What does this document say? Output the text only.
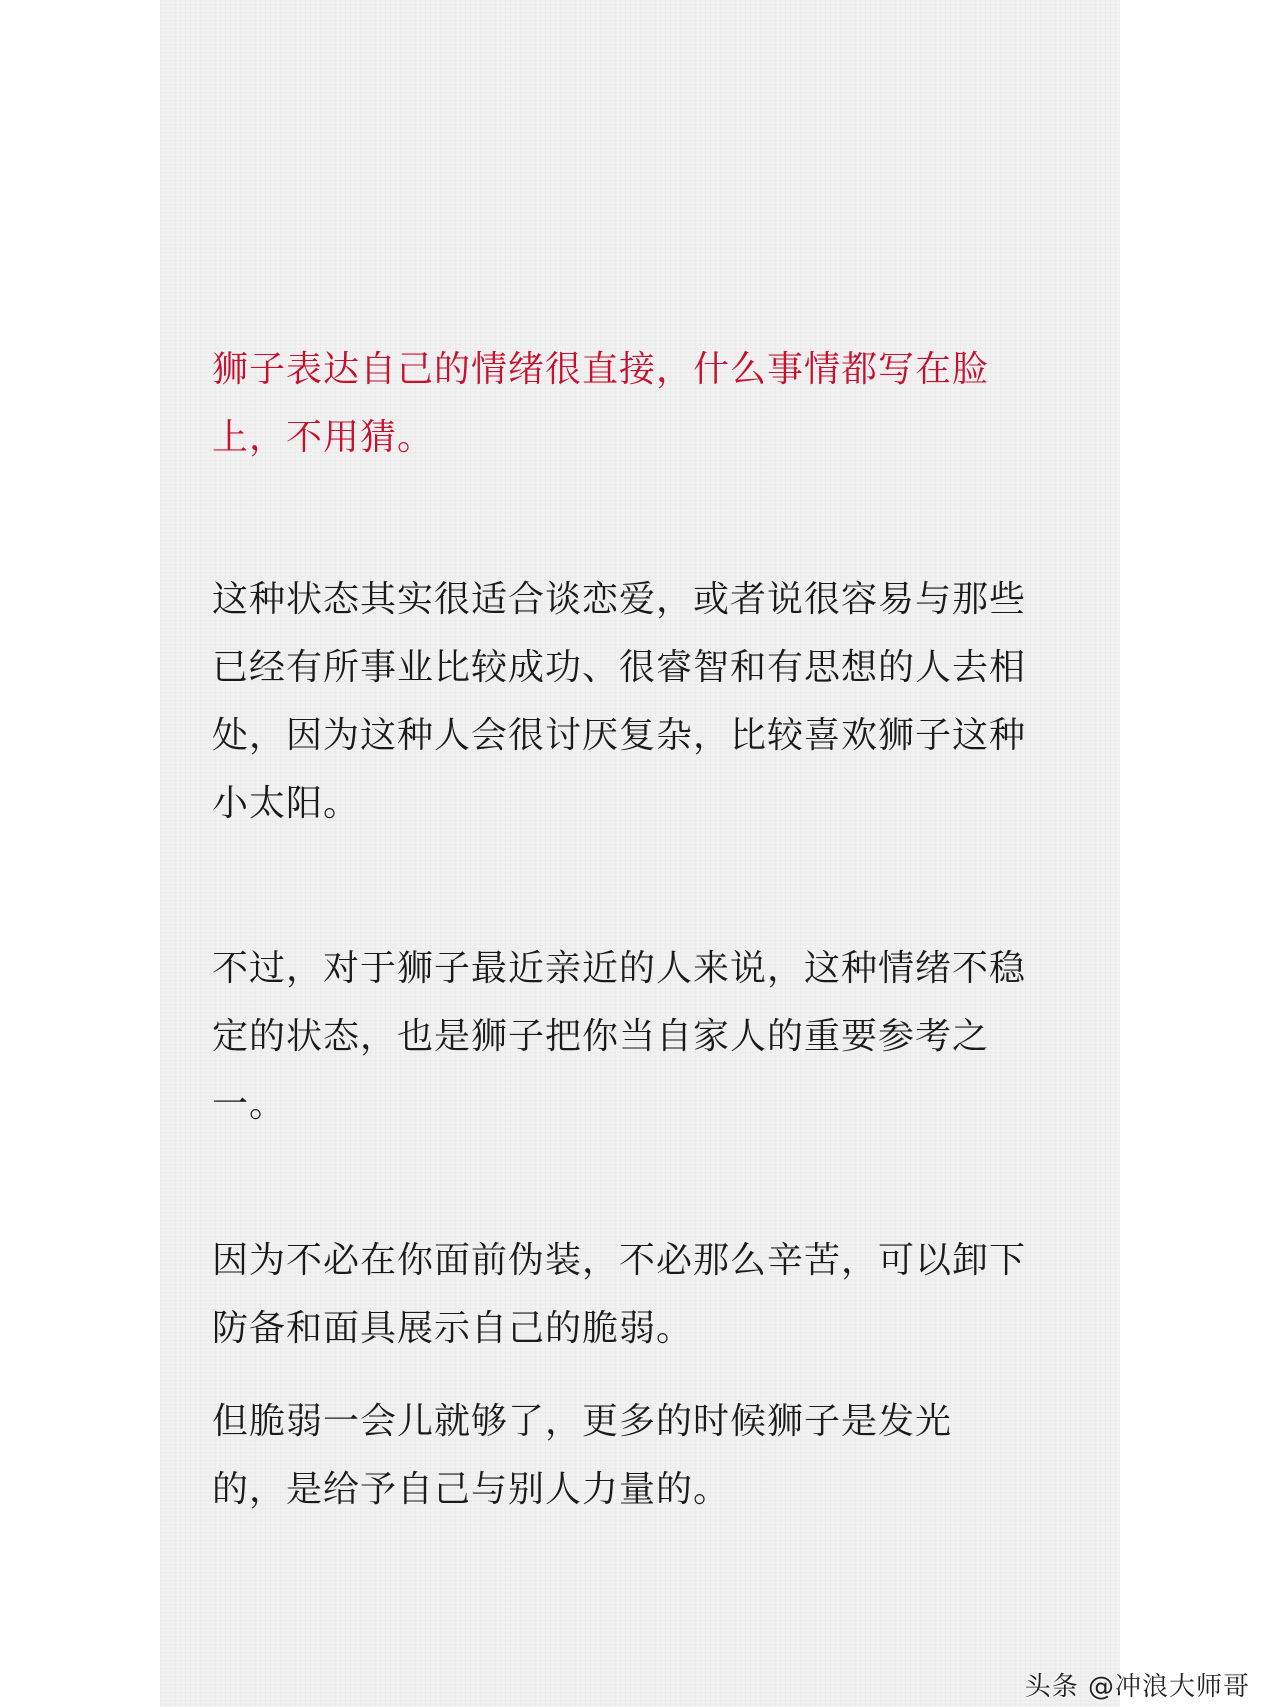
狮子表达自己的情绪很直接，什么事情都写在脸上，不用猜。

这种状态其实很适合谈恋爱，或者说很容易与那些已经有所事业比较成功、很睿智和有思想的人去相处，因为这种人会很讨厌复杂，比较喜欢狮子这种小太阳。

不过，对于狮子最近亲近的人来说，这种情绪不稳定的状态，也是狮子把你当自家人的重要参考之一。

因为不必在你面前伪装，不必那么辛苦，可以卸下防备和面具展示自己的脆弱。

但脆弱一会儿就够了，更多的时候狮子是发光的，是给予自己与别人力量的。

头条 @冲浪大师哥
